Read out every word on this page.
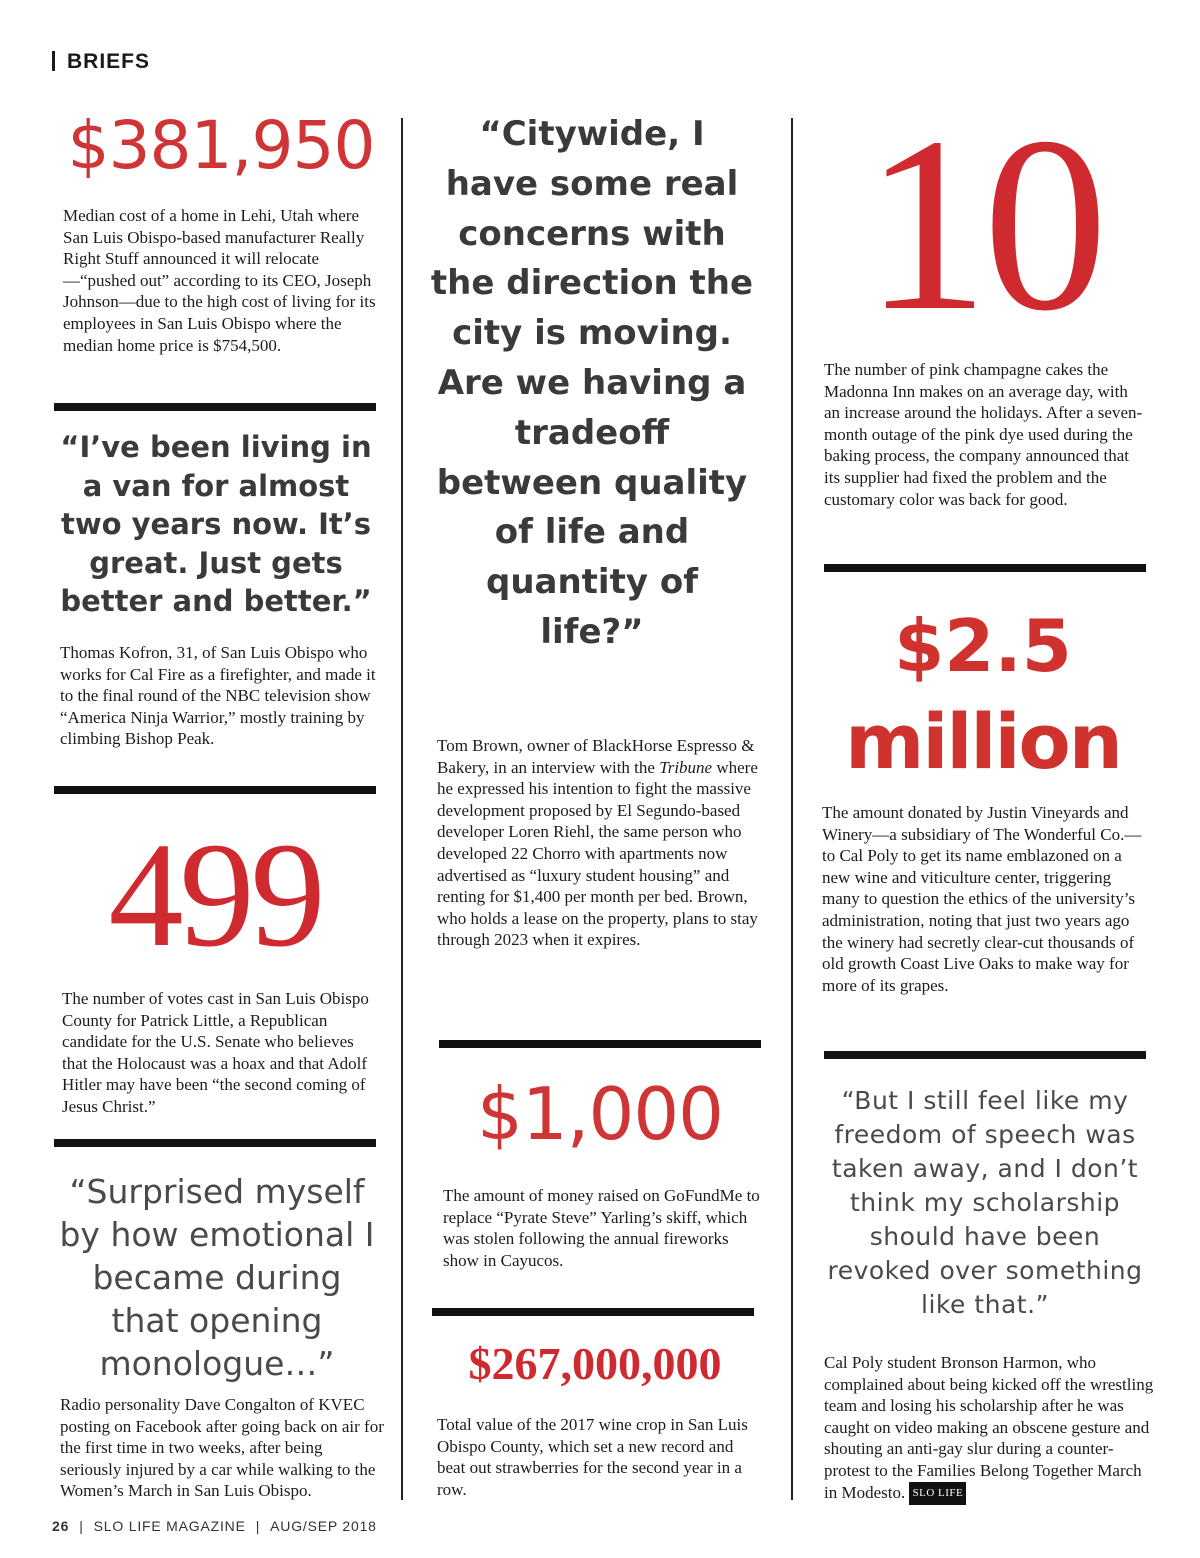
BRIEFS
$381,950
Median cost of a home in Lehi, Utah where San Luis Obispo-based manufacturer Really Right Stuff announced it will relocate—“pushed out” according to its CEO, Joseph Johnson—due to the high cost of living for its employees in San Luis Obispo where the median home price is $754,500.
“I’ve been living in a van for almost two years now. It’s great. Just gets better and better.”
Thomas Kofron, 31, of San Luis Obispo who works for Cal Fire as a firefighter, and made it to the final round of the NBC television show “America Ninja Warrior,” mostly training by climbing Bishop Peak.
499
The number of votes cast in San Luis Obispo County for Patrick Little, a Republican candidate for the U.S. Senate who believes that the Holocaust was a hoax and that Adolf Hitler may have been “the second coming of Jesus Christ.”
“Surprised myself by how emotional I became during that opening monologue…”
Radio personality Dave Congalton of KVEC posting on Facebook after going back on air for the first time in two weeks, after being seriously injured by a car while walking to the Women’s March in San Luis Obispo.
“Citywide, I have some real concerns with the direction the city is moving. Are we having a tradeoff between quality of life and quantity of life?”
Tom Brown, owner of BlackHorse Espresso & Bakery, in an interview with the Tribune where he expressed his intention to fight the massive development proposed by El Segundo-based developer Loren Riehl, the same person who developed 22 Chorro with apartments now advertised as “luxury student housing” and renting for $1,400 per month per bed. Brown, who holds a lease on the property, plans to stay through 2023 when it expires.
$1,000
The amount of money raised on GoFundMe to replace “Pyrate Steve” Yarling’s skiff, which was stolen following the annual fireworks show in Cayucos.
$267,000,000
Total value of the 2017 wine crop in San Luis Obispo County, which set a new record and beat out strawberries for the second year in a row.
10
The number of pink champagne cakes the Madonna Inn makes on an average day, with an increase around the holidays. After a seven-month outage of the pink dye used during the baking process, the company announced that its supplier had fixed the problem and the customary color was back for good.
$2.5
million
The amount donated by Justin Vineyards and Winery—a subsidiary of The Wonderful Co.—to Cal Poly to get its name emblazoned on a new wine and viticulture center, triggering many to question the ethics of the university’s administration, noting that just two years ago the winery had secretly clear-cut thousands of old growth Coast Live Oaks to make way for more of its grapes.
“But I still feel like my freedom of speech was taken away, and I don’t think my scholarship should have been revoked over something like that.”
Cal Poly student Bronson Harmon, who complained about being kicked off the wrestling team and losing his scholarship after he was caught on video making an obscene gesture and shouting an anti-gay slur during a counter-protest to the Families Belong Together March in Modesto. SLO LIFE
26 | SLO LIFE MAGAZINE | AUG/SEP 2018
